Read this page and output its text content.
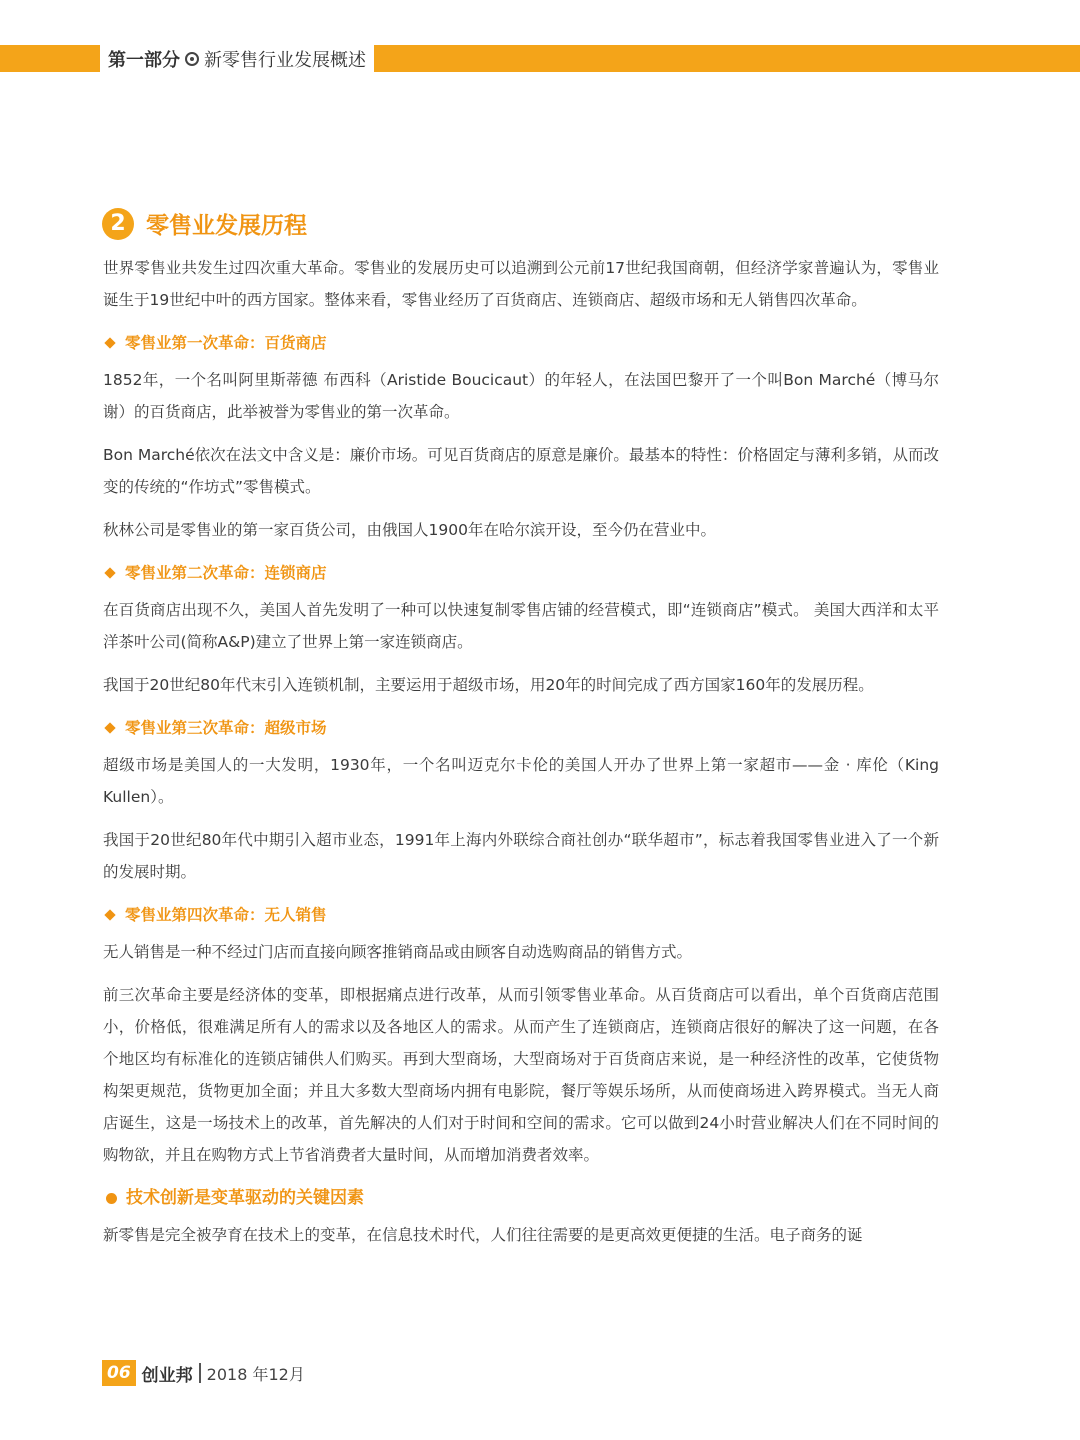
第一部分 新零售行业发展概述
2 零售业发展历程

世界零售业共发生过四次重大革命。零售业的发展历史可以追溯到公元前17世纪我国商朝，但经济学家普遍认为，零售业诞生于19世纪中叶的西方国家。整体来看，零售业经历了百货商店、连锁商店、超级市场和无人销售四次革命。

零售业第一次革命：百货商店

1852年，一个名叫阿里斯蒂德 布西科（Aristide Boucicaut）的年轻人，在法国巴黎开了一个叫Bon Marché（博马尔谢）的百货商店，此举被誉为零售业的第一次革命。

Bon Marché依次在法文中含义是：廉价市场。可见百货商店的原意是廉价。最基本的特性：价格固定与薄利多销，从而改变的传统的“作坊式”零售模式。

秋林公司是零售业的第一家百货公司，由俄国人1900年在哈尔滨开设，至今仍在营业中。

零售业第二次革命：连锁商店

在百货商店出现不久，美国人首先发明了一种可以快速复制零售店铺的经营模式，即“连锁商店”模式。 美国大西洋和太平洋茶叶公司(简称A&P)建立了世界上第一家连锁商店。

我国于20世纪80年代末引入连锁机制，主要运用于超级市场，用20年的时间完成了西方国家160年的发展历程。

零售业第三次革命：超级市场

超级市场是美国人的一大发明，1930年，一个名叫迈克尔卡伦的美国人开办了世界上第一家超市——金 · 库伦（King Kullen）。

我国于20世纪80年代中期引入超市业态，1991年上海内外联综合商社创办“联华超市”，标志着我国零售业进入了一个新的发展时期。

零售业第四次革命：无人销售

无人销售是一种不经过门店而直接向顾客推销商品或由顾客自动选购商品的销售方式。

前三次革命主要是经济体的变革，即根据痛点进行改革，从而引领零售业革命。从百货商店可以看出，单个百货商店范围小，价格低，很难满足所有人的需求以及各地区人的需求。从而产生了连锁商店，连锁商店很好的解决了这一问题，在各个地区均有标准化的连锁店铺供人们购买。再到大型商场，大型商场对于百货商店来说，是一种经济性的改革，它使货物构架更规范，货物更加全面；并且大多数大型商场内拥有电影院，餐厅等娱乐场所，从而使商场进入跨界模式。当无人商店诞生，这是一场技术上的改革，首先解决的人们对于时间和空间的需求。它可以做到24小时营业解决人们在不同时间的购物欲，并且在购物方式上节省消费者大量时间，从而增加消费者效率。

技术创新是变革驱动的关键因素

新零售是完全被孕育在技术上的变革，在信息技术时代，人们往往需要的是更高效更便捷的生活。电子商务的诞

06 创业邦 2018 年12月
